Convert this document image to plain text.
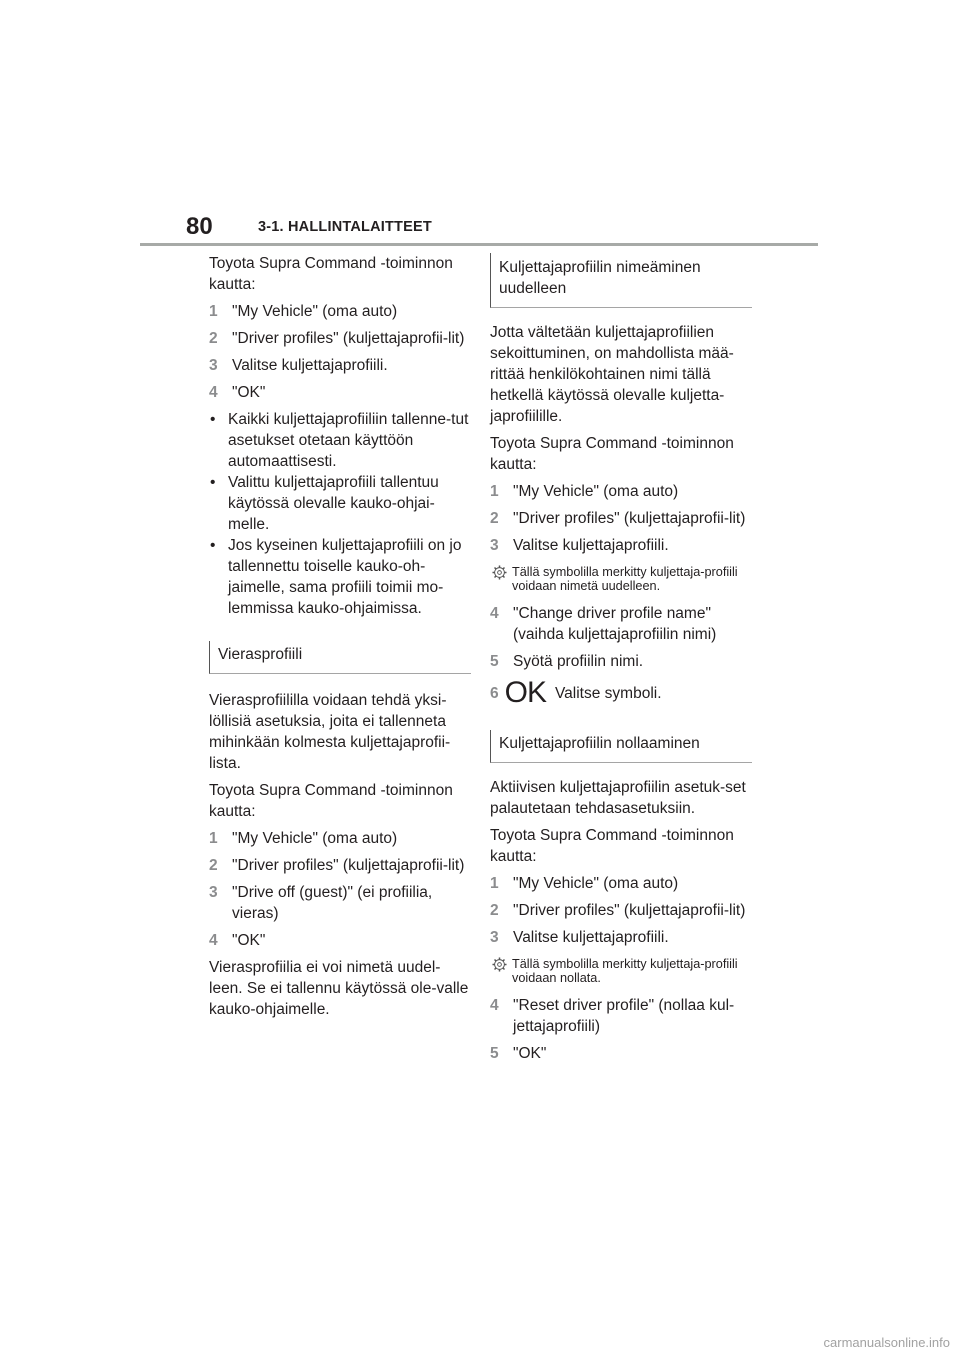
80	3-1. HALLINTALAITTEET

Toyota Supra Command -toiminnon kautta:

1 "My Vehicle" (oma auto)

2 "Driver profiles" (kuljettajaprofii-lit)

3 Valitse kuljettajaprofiili.

4 "OK"

• Kaikki kuljettajaprofiiliin tallenne-tut asetukset otetaan käyttöön automaattisesti.

• Valittu kuljettajaprofiili tallentuu käytössä olevalle kauko-ohjai-melle.

• Jos kyseinen kuljettajaprofiili on jo tallennettu toiselle kauko-oh-jaimelle, sama profiili toimii mo-lemmissa kauko-ohjaimissa.

Vierasprofiili

Vierasprofiililla voidaan tehdä yksi-löllisiä asetuksia, joita ei tallenneta mihinkään kolmesta kuljettajaprofii-lista.

Toyota Supra Command -toiminnon kautta:

1 "My Vehicle" (oma auto)

2 "Driver profiles" (kuljettajaprofii-lit)

3 "Drive off (guest)" (ei profiilia, vieras)

4 "OK"

Vierasprofiilia ei voi nimetä uudel-leen. Se ei tallennu käytössä ole-valle kauko-ohjaimelle.

Kuljettajaprofiilin nimeäminen uudelleen

Jotta vältetään kuljettajaprofiilien sekoittuminen, on mahdollista mää-rittää henkilökohtainen nimi tällä hetkellä käytössä olevalle kuljetta-japrofiilille.

Toyota Supra Command -toiminnon kautta:

1 "My Vehicle" (oma auto)

2 "Driver profiles" (kuljettajaprofii-lit)

3 Valitse kuljettajaprofiili.

Tällä symbolilla merkitty kuljettaja-profiili voidaan nimetä uudelleen.

4 "Change driver profile name" (vaihda kuljettajaprofiilin nimi)

5 Syötä profiilin nimi.

6 OK Valitse symboli.
Kuljettajaprofiilin nollaaminen

Aktiivisen kuljettajaprofiilin asetuk-set palautetaan tehdasasetuksiin.

Toyota Supra Command -toiminnon kautta:

1 "My Vehicle" (oma auto)

2 "Driver profiles" (kuljettajaprofii-lit)

3 Valitse kuljettajaprofiili.

Tällä symbolilla merkitty kuljettaja-profiili voidaan nollata.

4 "Reset driver profile" (nollaa kul-jettajaprofiili)

5 "OK"

carmanualsonline.info
